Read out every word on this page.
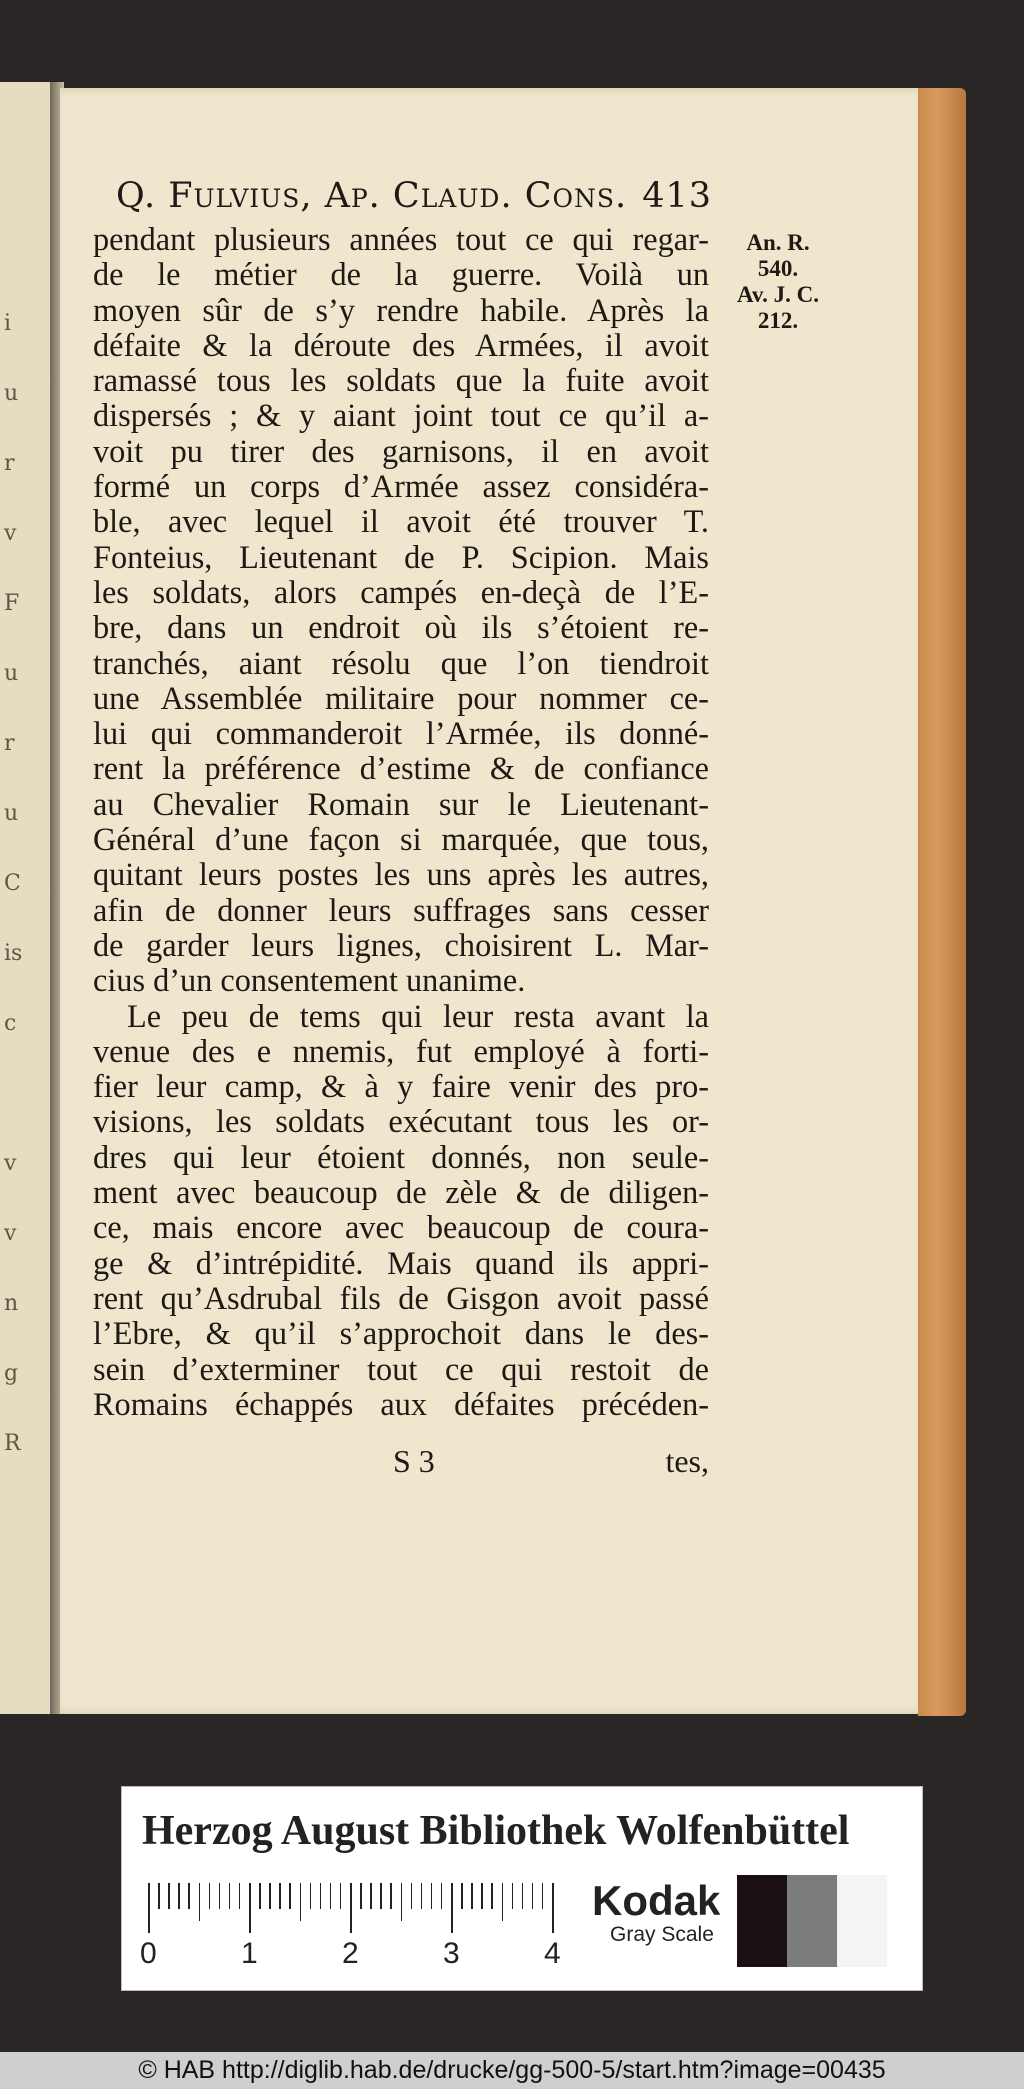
i
u
r
v
F
u
r
u
C
is
c
v
v
n
g
R
Q. Fulvius, Ap. Claud. Cons. 413
An. R.
540.
Av. J. C.
212.
pendant plusieurs années tout ce qui regar-
de le métier de la guerre. Voilà un
moyen sûr de s’y rendre habile. Après la
défaite & la déroute des Armées, il avoit
ramassé tous les soldats que la fuite avoit
dispersés ; & y aiant joint tout ce qu’il a-
voit pu tirer des garnisons, il en avoit
formé un corps d’Armée assez considéra-
ble, avec lequel il avoit été trouver T.
Fonteius, Lieutenant de P. Scipion. Mais
les soldats, alors campés en-deçà de l’E-
bre, dans un endroit où ils s’étoient re-
tranchés, aiant résolu que l’on tiendroit
une Assemblée militaire pour nommer ce-
lui qui commanderoit l’Armée, ils donné-
rent la préférence d’estime & de confiance
au Chevalier Romain sur le Lieutenant-
Général d’une façon si marquée, que tous,
quitant leurs postes les uns après les autres,
afin de donner leurs suffrages sans cesser
de garder leurs lignes, choisirent L. Mar-
cius d’un consentement unanime.
Le peu de tems qui leur resta avant la
venue des e nnemis, fut employé à forti-
fier leur camp, & à y faire venir des pro-
visions, les soldats exécutant tous les or-
dres qui leur étoient donnés, non seule-
ment avec beaucoup de zèle & de diligen-
ce, mais encore avec beaucoup de coura-
ge & d’intrépidité. Mais quand ils appri-
rent qu’Asdrubal fils de Gisgon avoit passé
l’Ebre, & qu’il s’approchoit dans le des-
sein d’exterminer tout ce qui restoit de
Romains échappés aux défaites précéden-
S 3	tes,
Herzog August Bibliothek Wolfenbüttel
0	1	2	3	4
Kodak
Gray Scale
© HAB http://diglib.hab.de/drucke/gg-500-5/start.htm?image=00435
